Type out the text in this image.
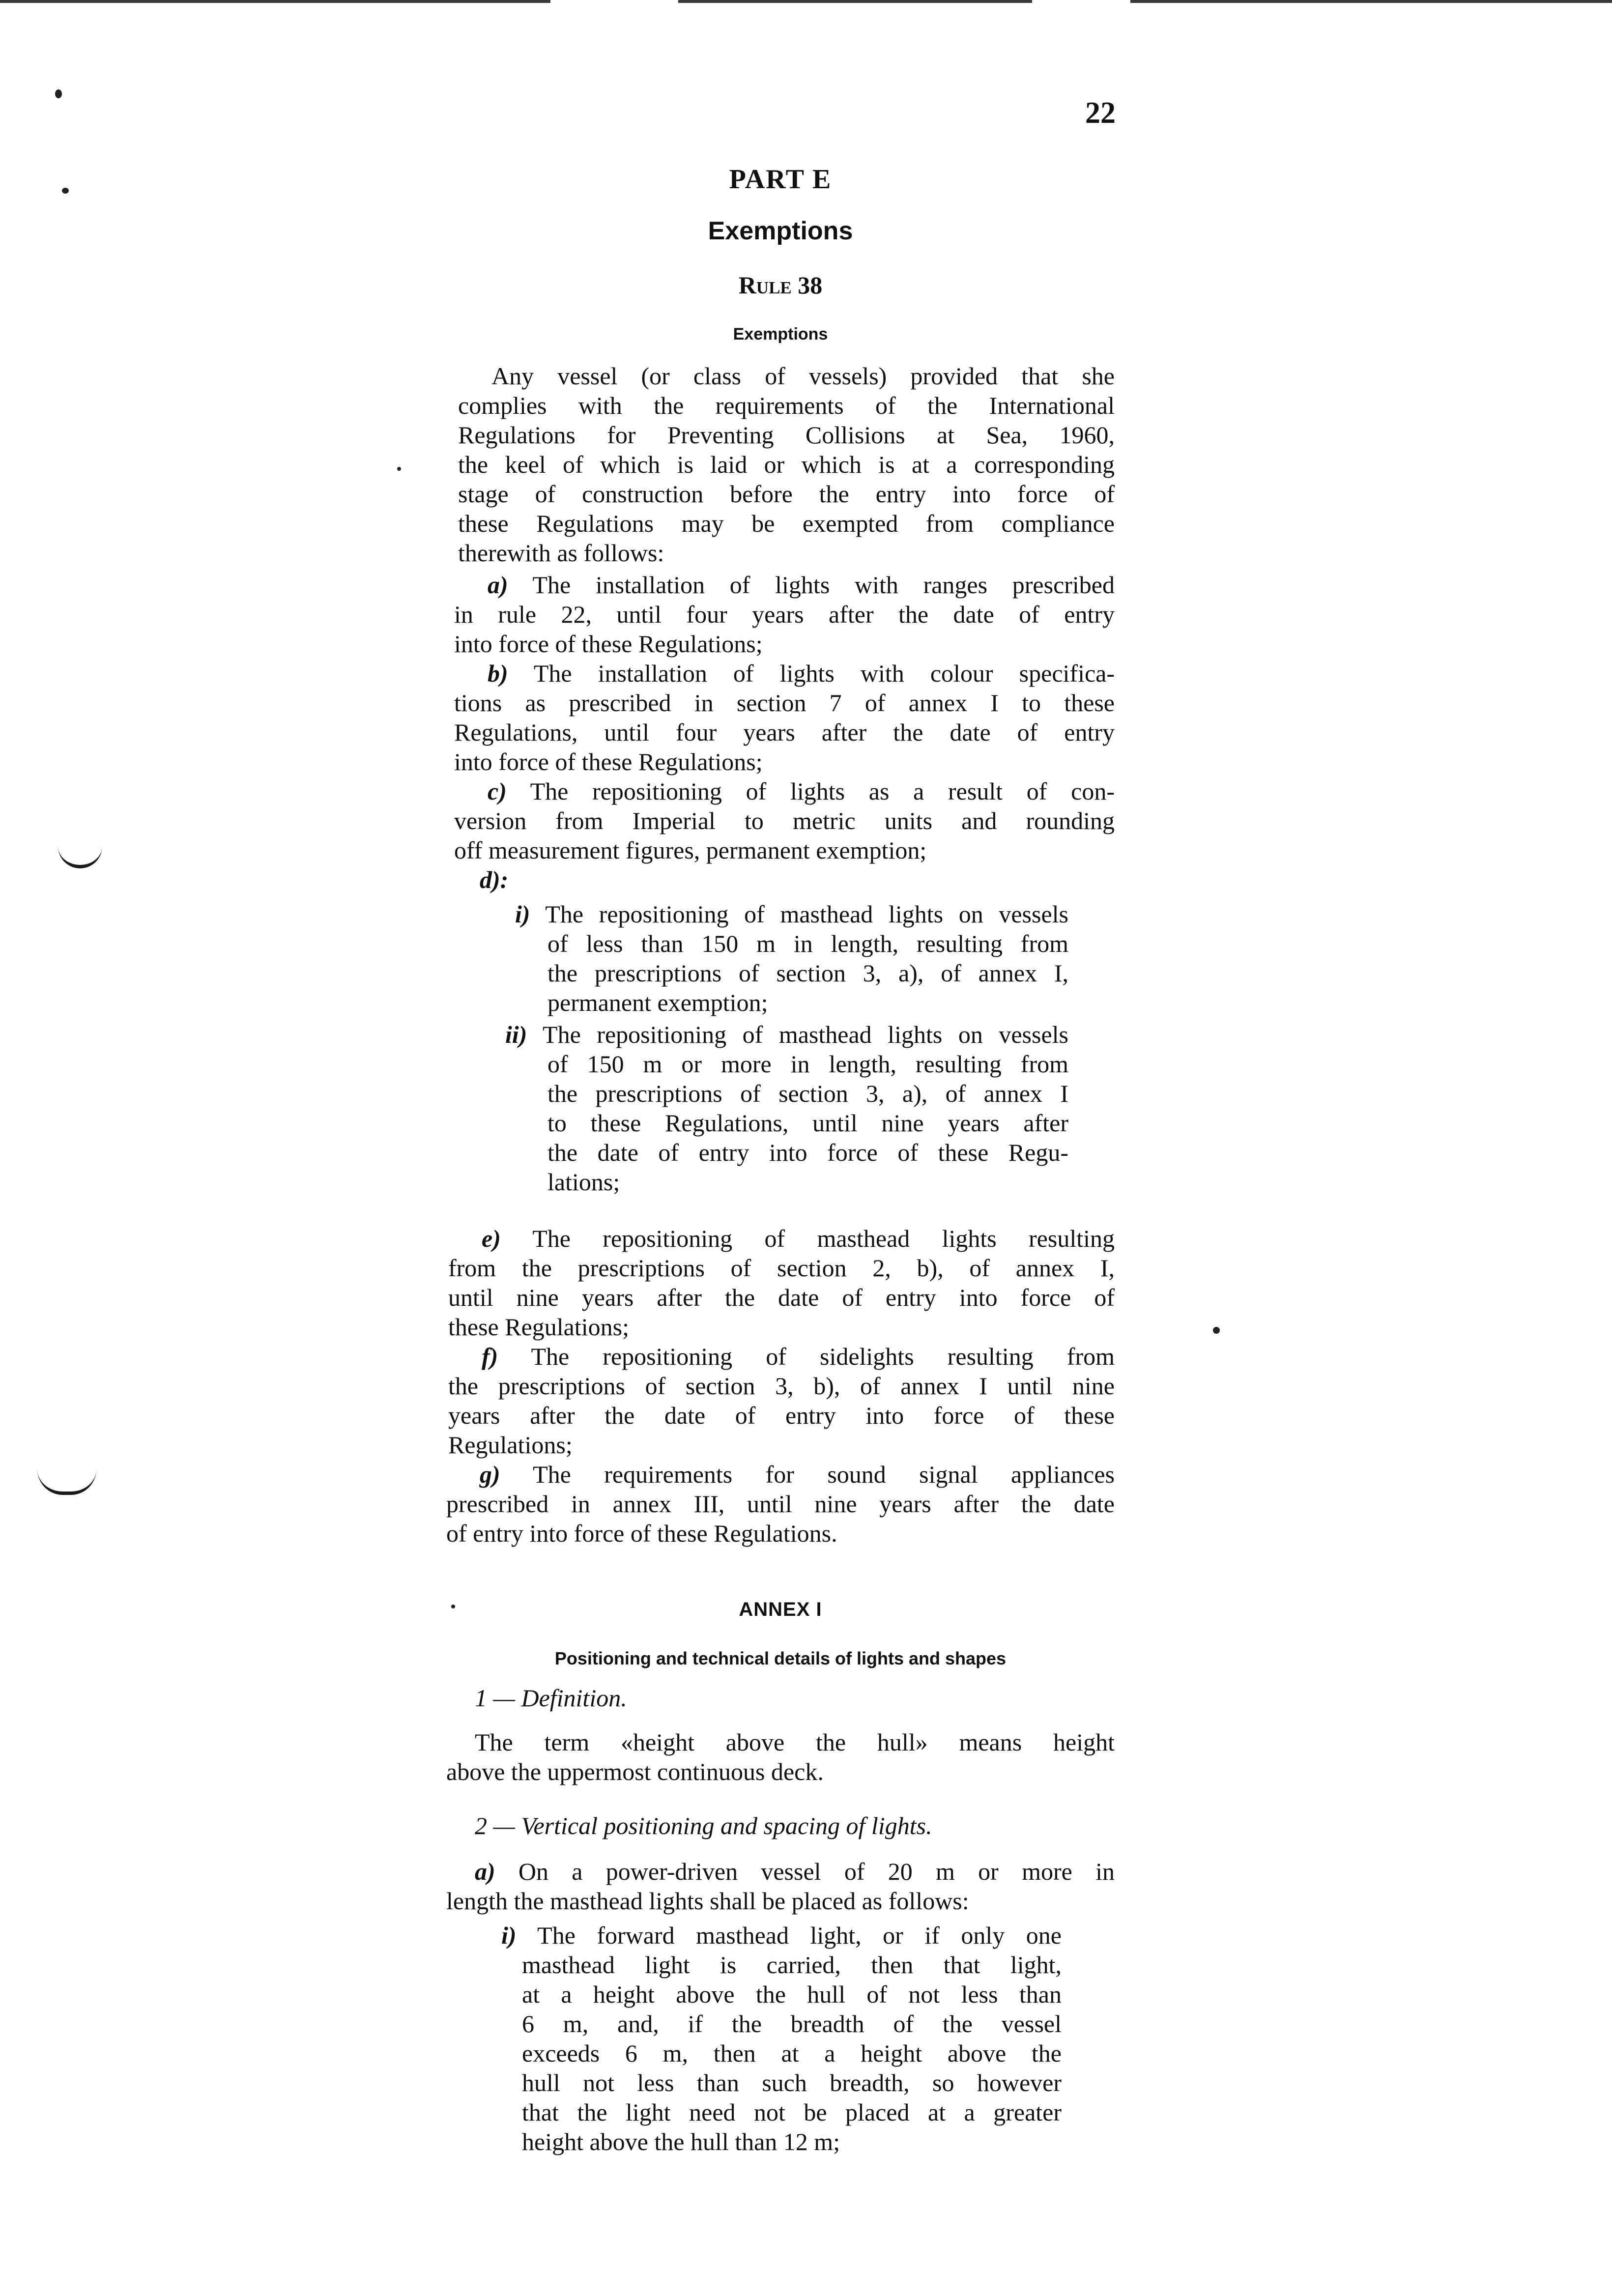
22
PART E
Exemptions
Rule 38
Exemptions
Any vessel (or class of vessels) provided that she
complies with the requirements of the International
Regulations for Preventing Collisions at Sea, 1960,
the keel of which is laid or which is at a corresponding
stage of construction before the entry into force of
these Regulations may be exempted from compliance
therewith as follows:
a) The installation of lights with ranges prescribed
in rule 22, until four years after the date of entry
into force of these Regulations;
b) The installation of lights with colour specifica-
tions as prescribed in section 7 of annex I to these
Regulations, until four years after the date of entry
into force of these Regulations;
c) The repositioning of lights as a result of con-
version from Imperial to metric units and rounding
off measurement figures, permanent exemption;
d):
i) The repositioning of masthead lights on vessels
of less than 150 m in length, resulting from
the prescriptions of section 3, a), of annex I,
permanent exemption;
ii) The repositioning of masthead lights on vessels
of 150 m or more in length, resulting from
the prescriptions of section 3, a), of annex I
to these Regulations, until nine years after
the date of entry into force of these Regu-
lations;
e) The repositioning of masthead lights resulting
from the prescriptions of section 2, b), of annex I,
until nine years after the date of entry into force of
these Regulations;
f) The repositioning of sidelights resulting from
the prescriptions of section 3, b), of annex I until nine
years after the date of entry into force of these
Regulations;
g) The requirements for sound signal appliances
prescribed in annex III, until nine years after the date
of entry into force of these Regulations.
ANNEX I
Positioning and technical details of lights and shapes
1 — Definition.
The term «height above the hull» means height
above the uppermost continuous deck.
2 — Vertical positioning and spacing of lights.
a) On a power-driven vessel of 20 m or more in
length the masthead lights shall be placed as follows:
i) The forward masthead light, or if only one
masthead light is carried, then that light,
at a height above the hull of not less than
6 m, and, if the breadth of the vessel
exceeds 6 m, then at a height above the
hull not less than such breadth, so however
that the light need not be placed at a greater
height above the hull than 12 m;
